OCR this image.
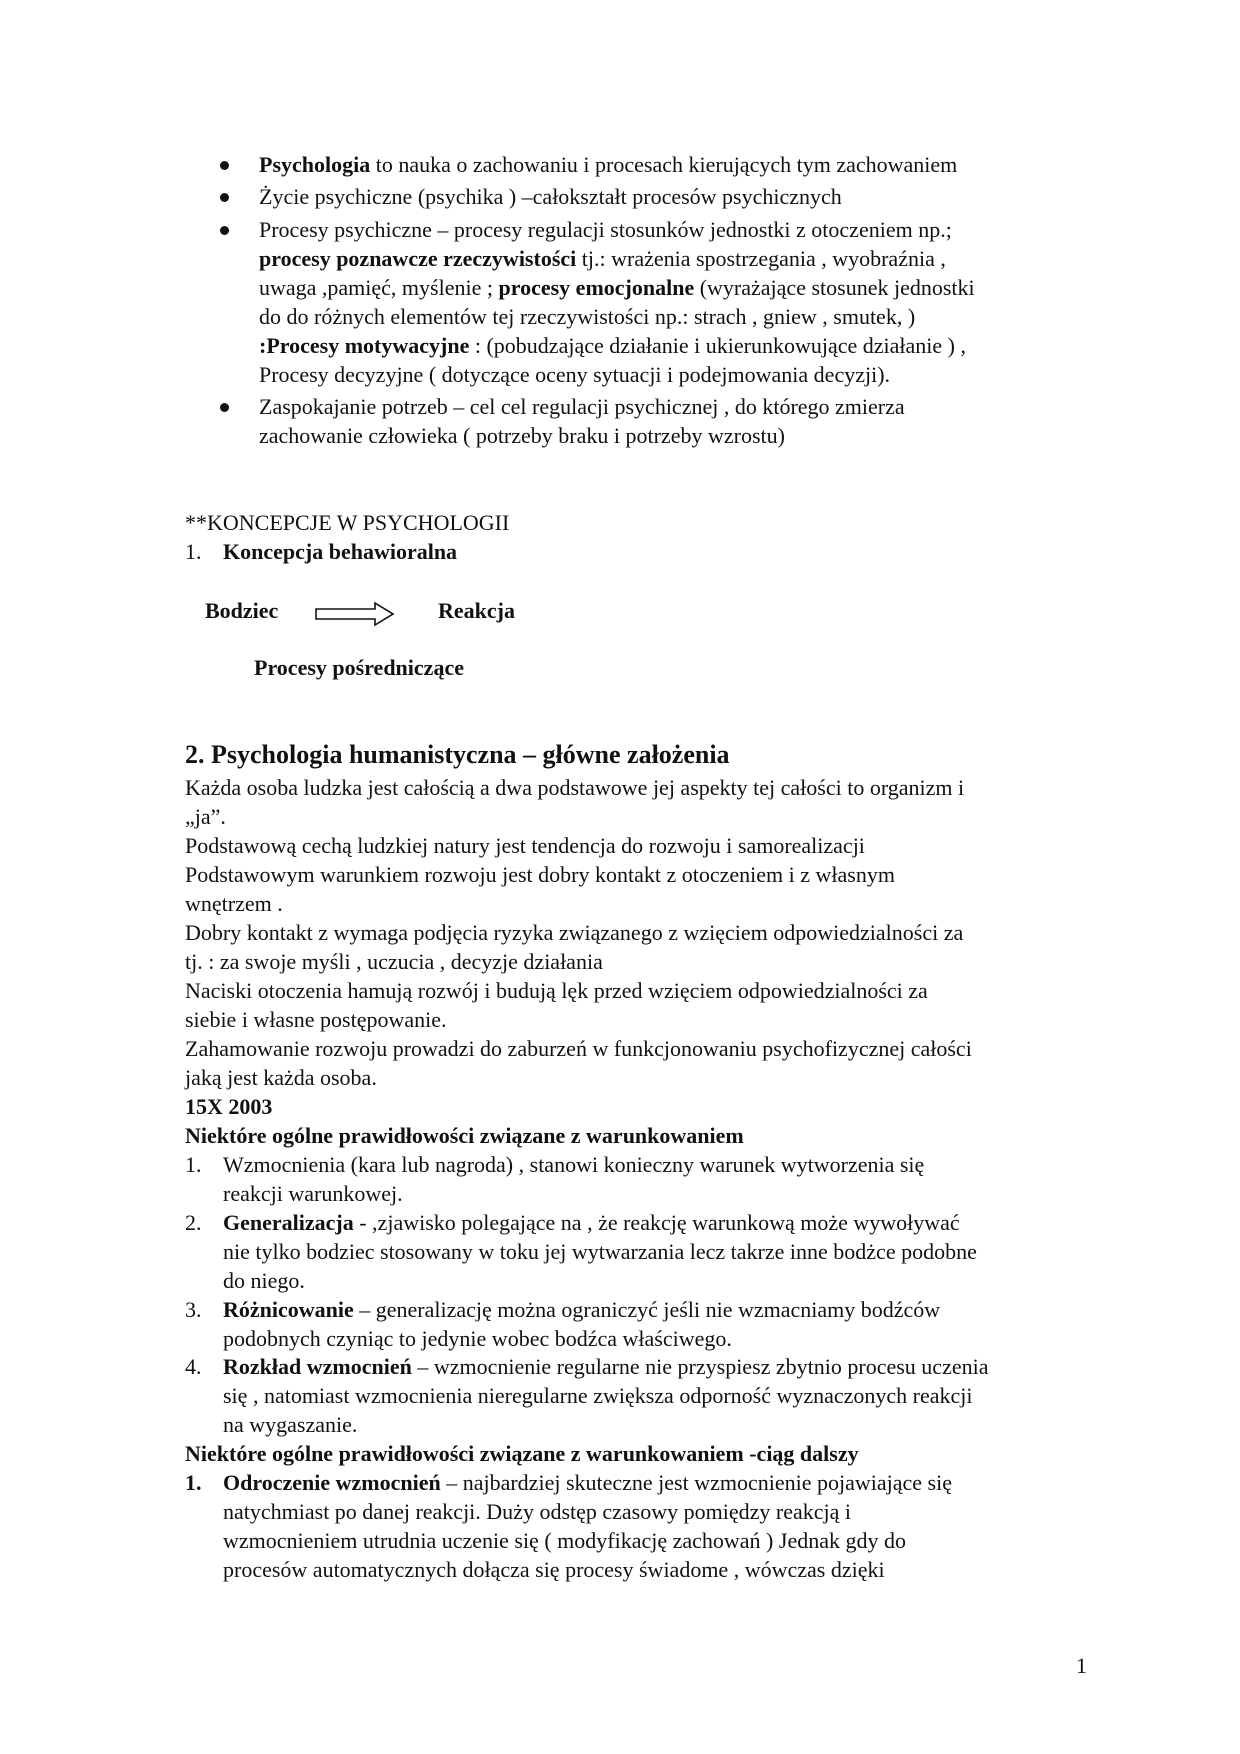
Psychologia to nauka o zachowaniu i procesach kierujących tym zachowaniem
Życie psychiczne (psychika ) –całokształt procesów psychicznych
Procesy psychiczne – procesy regulacji stosunków jednostki z otoczeniem np.;
procesy poznawcze rzeczywistości tj.: wrażenia spostrzegania , wyobraźnia ,
uwaga ,pamięć, myślenie ; procesy emocjonalne (wyrażające stosunek jednostki
do do różnych elementów tej rzeczywistości np.: strach , gniew , smutek, )
:Procesy motywacyjne : (pobudzające działanie i ukierunkowujące działanie ) ,
Procesy decyzyjne ( dotyczące oceny sytuacji i podejmowania decyzji).
Zaspokajanie potrzeb – cel cel regulacji psychicznej , do którego zmierza
zachowanie człowieka ( potrzeby braku i potrzeby wzrostu)
**KONCEPCJE W PSYCHOLOGII
1. Koncepcja behawioralna
Bodziec	Reakcja
Procesy pośredniczące
2. Psychologia humanistyczna – główne założenia
Każda osoba ludzka jest całością a dwa podstawowe jej aspekty tej całości to organizm i
„ja”.
Podstawową cechą ludzkiej natury jest tendencja do rozwoju i samorealizacji
Podstawowym warunkiem rozwoju jest dobry kontakt z otoczeniem i z własnym
wnętrzem .
Dobry kontakt z wymaga podjęcia ryzyka związanego z wzięciem odpowiedzialności za
tj. : za swoje myśli , uczucia , decyzje działania
Naciski otoczenia hamują rozwój i budują lęk przed wzięciem odpowiedzialności za
siebie i własne postępowanie.
Zahamowanie rozwoju prowadzi do zaburzeń w funkcjonowaniu psychofizycznej całości
jaką jest każda osoba.
15X 2003
Niektóre ogólne prawidłowości związane z warunkowaniem
1. Wzmocnienia (kara lub nagroda) , stanowi konieczny warunek wytworzenia się
reakcji warunkowej.
2. Generalizacja - ,zjawisko polegające na , że reakcję warunkową może wywoływać
nie tylko bodziec stosowany w toku jej wytwarzania lecz takrze inne bodżce podobne
do niego.
3. Różnicowanie – generalizację można ograniczyć jeśli nie wzmacniamy bodźców
podobnych czyniąc to jedynie wobec bodźca właściwego.
4. Rozkład wzmocnień – wzmocnienie regularne nie przyspiesz zbytnio procesu uczenia
się , natomiast wzmocnienia nieregularne zwiększa odporność wyznaczonych reakcji
na wygaszanie.
Niektóre ogólne prawidłowości związane z warunkowaniem -ciąg dalszy
1. Odroczenie wzmocnień – najbardziej skuteczne jest wzmocnienie pojawiające się
natychmiast po danej reakcji. Duży odstęp czasowy pomiędzy reakcją i
wzmocnieniem utrudnia uczenie się ( modyfikację zachowań ) Jednak gdy do
procesów automatycznych dołącza się procesy świadome , wówczas dzięki
1
